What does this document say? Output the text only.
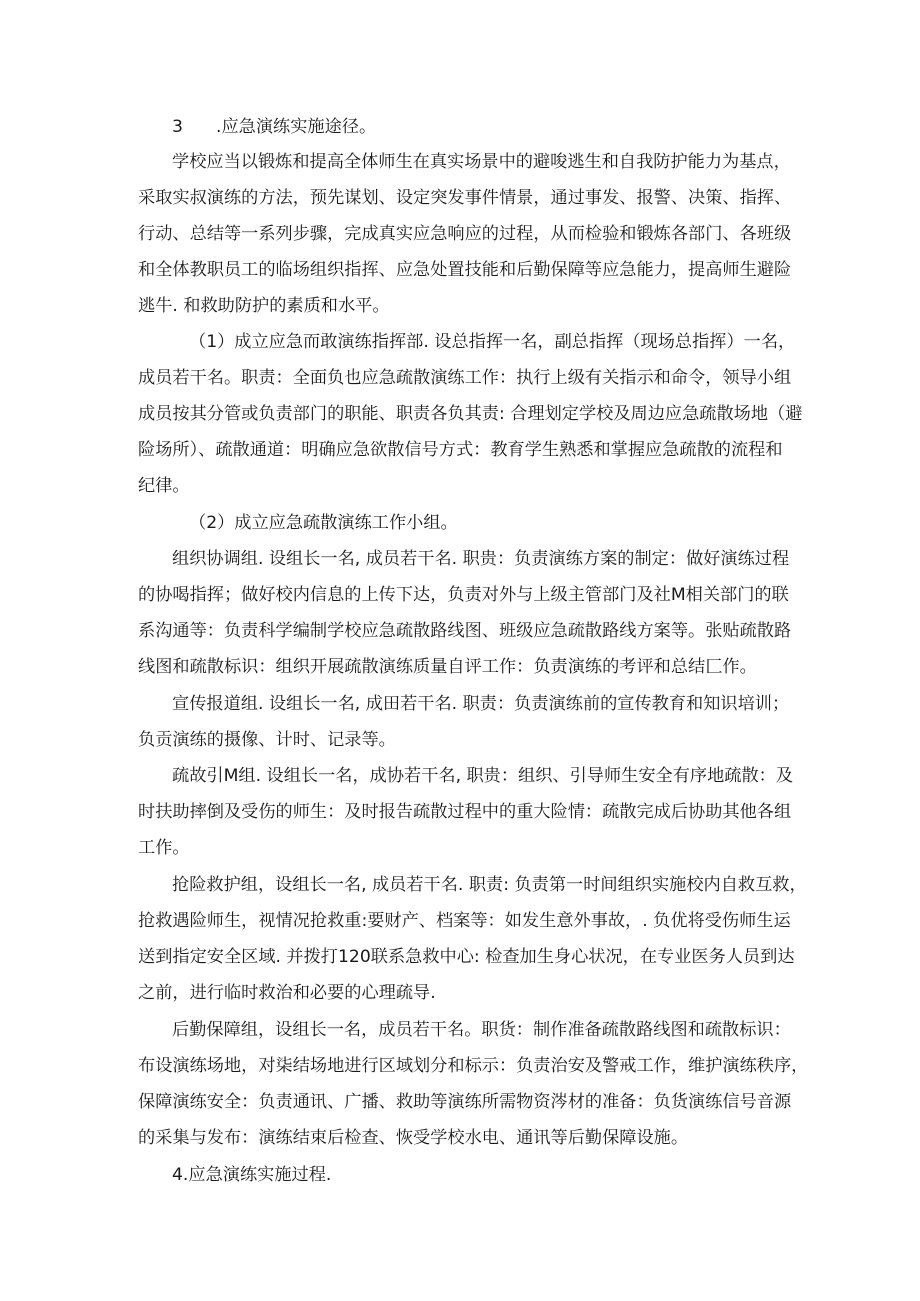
3 .应急演练实施途径。
学校应当以锻炼和提高全体师生在真实场景中的避唆逃生和自我防护能力为基点，
采取实叔演练的方法，预先谋划、设定突发事件情景，通过事发、报警、决策、指挥、
行动、总结等一系列步骤，完成真实应急响应的过程，从而检验和锻炼各部门、各班级
和全体教职员工的临场组织指挥、应急处置技能和后勤保障等应急能力，提高师生避险
逃牛. 和救助防护的素质和水平。
（1）成立应急而敢演练指挥部. 设总指挥一名，副总指挥（现场总指挥）一名，
成员若干名。职责：全面负也应急疏散演练工作：执行上级有关指示和命令，领导小组
成员按其分管或负责部门的职能、职责各负其责: 合理划定学校及周边应急疏散场地（避
险场所）、疏散通道：明确应急欲散信号方式：教育学生熟悉和掌握应急疏散的流程和
纪律。
（2）成立应急疏散演练工作小组。
组织协调组. 设组长一名, 成员若干名. 职贵：负责演练方案的制定：做好演练过程
的协喝指挥；做好校内信息的上传下达，负责对外与上级主管部门及社M相关部门的联
系沟通等：负责科学编制学校应急疏散路线图、班级应急疏散路线方案等。张贴疏散路
线图和疏散标识：组织开展疏散演练质量自评工作：负责演练的考评和总结匚作。
宣传报道组. 设组长一名, 成田若干名. 职责：负责演练前的宣传教育和知识培训；
负贡演练的摄像、计时、记录等。
疏故引M组. 设组长一名，成协若干名, 职贵：组织、引导师生安全有序地疏散：及
时扶助摔倒及受伤的师生：及时报告疏散过程中的重大险情：疏散完成后协助其他各组
工作。
抢险救护组，设组长一名, 成员若干名. 职责: 负责第一时间组织实施校内自救互救，
抢救遇险师生，视情况抢救重:要财产、档案等：如发生意外事故，. 负优将受伤师生运
送到指定安全区域. 并拨打120联系急救中心: 检查加生身心状况，在专业医务人员到达
之前，进行临时救治和必要的心理疏导.
后勤保障组，设组长一名，成员若干名。职货：制作准备疏散路线图和疏散标识：
布设演练场地，对柒结场地进行区域划分和标示：负责治安及警戒工作，维护演练秩序，
保障演练安全：负责通讯、广播、救助等演练所需物资涔材的准备：负货演练信号音源
的采集与发布：演练结束后检查、恢受学校水电、通讯等后勤保障设施。
4.应急演练实施过程.
